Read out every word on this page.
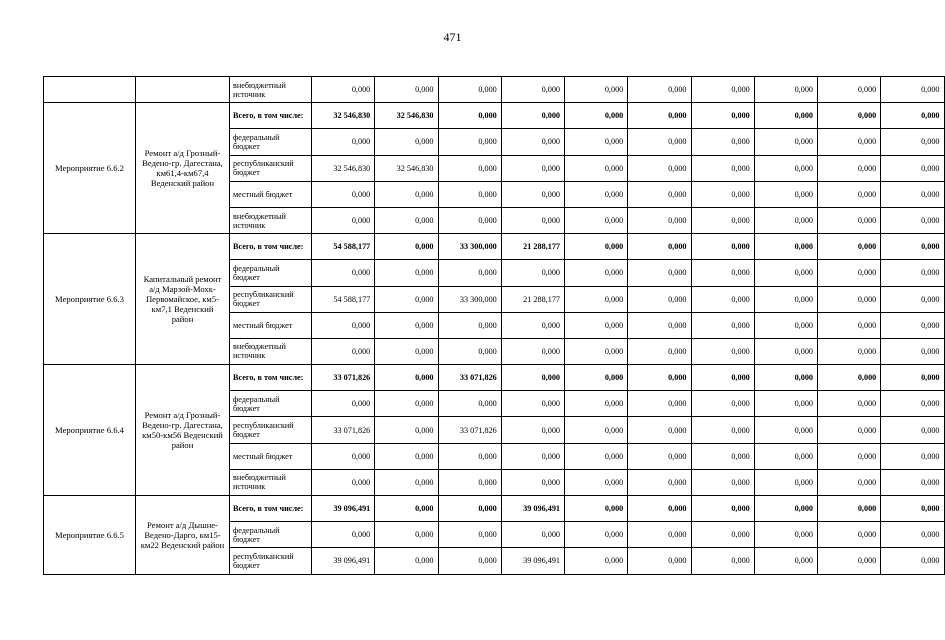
471
		внебюджетный источник	0,000	0,000	0,000	0,000	0,000	0,000	0,000	0,000	0,000	0,000
Мероприятие 6.6.2	Ремонт а/д Грозный-Ведено-гр. Дагестана, км61,4-км67,4 Веденский район	Всего, в том числе:	32 546,830	32 546,830	0,000	0,000	0,000	0,000	0,000	0,000	0,000	0,000
		федеральный бюджет	0,000	0,000	0,000	0,000	0,000	0,000	0,000	0,000	0,000	0,000
		республиканский бюджет	32 546,830	32 546,830	0,000	0,000	0,000	0,000	0,000	0,000	0,000	0,000
		местный бюджет	0,000	0,000	0,000	0,000	0,000	0,000	0,000	0,000	0,000	0,000
		внебюджетный источник	0,000	0,000	0,000	0,000	0,000	0,000	0,000	0,000	0,000	0,000
Мероприятие 6.6.3	Капитальный ремонт а/д Марзой-Мохк-Первомайское, км5-км7,1 Веденский район	Всего, в том числе:	54 588,177	0,000	33 300,000	21 288,177	0,000	0,000	0,000	0,000	0,000	0,000
		федеральный бюджет	0,000	0,000	0,000	0,000	0,000	0,000	0,000	0,000	0,000	0,000
		республиканский бюджет	54 588,177	0,000	33 300,000	21 288,177	0,000	0,000	0,000	0,000	0,000	0,000
		местный бюджет	0,000	0,000	0,000	0,000	0,000	0,000	0,000	0,000	0,000	0,000
		внебюджетный источник	0,000	0,000	0,000	0,000	0,000	0,000	0,000	0,000	0,000	0,000
Мероприятие 6.6.4	Ремонт а/д Грозный-Ведено-гр. Дагестана, км50-км56 Веденский район	Всего, в том числе:	33 071,826	0,000	33 071,826	0,000	0,000	0,000	0,000	0,000	0,000	0,000
		федеральный бюджет	0,000	0,000	0,000	0,000	0,000	0,000	0,000	0,000	0,000	0,000
		республиканский бюджет	33 071,826	0,000	33 071,826	0,000	0,000	0,000	0,000	0,000	0,000	0,000
		местный бюджет	0,000	0,000	0,000	0,000	0,000	0,000	0,000	0,000	0,000	0,000
		внебюджетный источник	0,000	0,000	0,000	0,000	0,000	0,000	0,000	0,000	0,000	0,000
Мероприятие 6.6.5	Ремонт а/д Дышне-Ведено-Дарго, км15- км22 Веденский район	Всего, в том числе:	39 096,491	0,000	0,000	39 096,491	0,000	0,000	0,000	0,000	0,000	0,000
		федеральный бюджет	0,000	0,000	0,000	0,000	0,000	0,000	0,000	0,000	0,000	0,000
		республиканский бюджет	39 096,491	0,000	0,000	39 096,491	0,000	0,000	0,000	0,000	0,000	0,000
